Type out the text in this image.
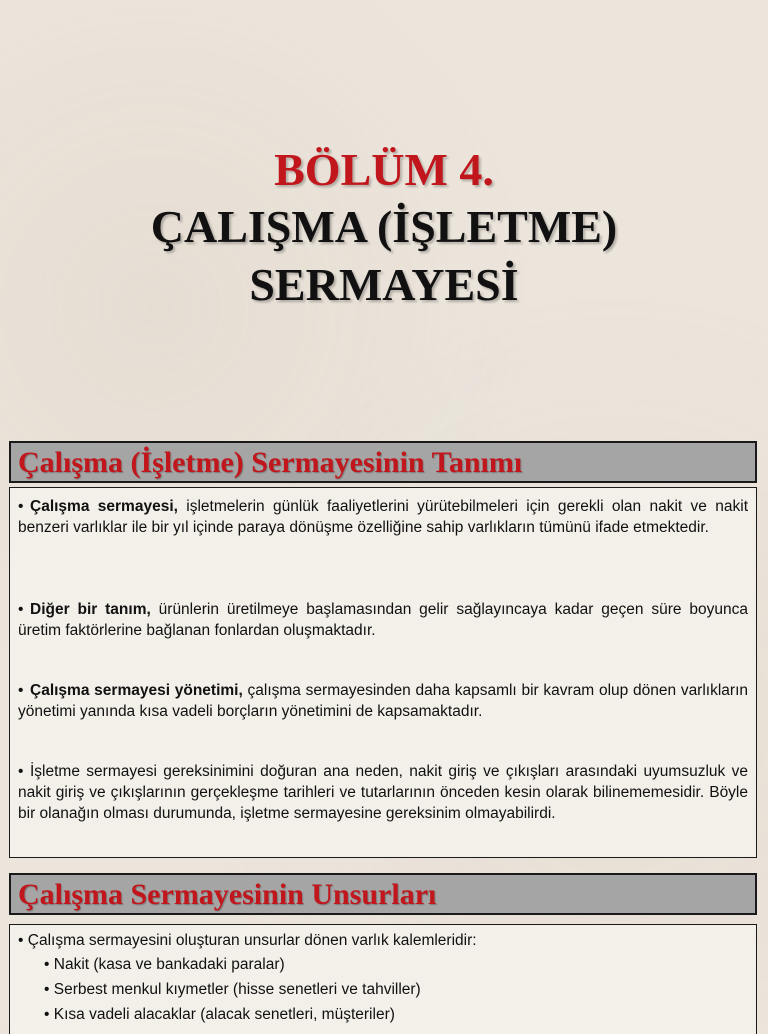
BÖLÜM 4.
ÇALIŞMA (İŞLETME)
SERMAYESİ
Çalışma (İşletme) Sermayesinin Tanımı
• Çalışma sermayesi, işletmelerin günlük faaliyetlerini yürütebilmeleri için gerekli olan nakit ve nakit benzeri varlıklar ile bir yıl içinde paraya dönüşme özelliğine sahip varlıkların tümünü ifade etmektedir.
• Diğer bir tanım, ürünlerin üretilmeye başlamasından gelir sağlayıncaya kadar geçen süre boyunca üretim faktörlerine bağlanan fonlardan oluşmaktadır.
• Çalışma sermayesi yönetimi, çalışma sermayesinden daha kapsamlı bir kavram olup dönen varlıkların yönetimi yanında kısa vadeli borçların yönetimini de kapsamaktadır.
• İşletme sermayesi gereksinimini doğuran ana neden, nakit giriş ve çıkışları arasındaki uyumsuzluk ve nakit giriş ve çıkışlarının gerçekleşme tarihleri ve tutarlarının önceden kesin olarak bilinememesidir. Böyle bir olanağın olması durumunda, işletme sermayesine gereksinim olmayabilirdi.
Çalışma Sermayesinin Unsurları
• Çalışma sermayesini oluşturan unsurlar dönen varlık kalemleridir:
• Nakit (kasa ve bankadaki paralar)
• Serbest menkul kıymetler (hisse senetleri ve tahviller)
• Kısa vadeli alacaklar (alacak senetleri, müşteriler)
